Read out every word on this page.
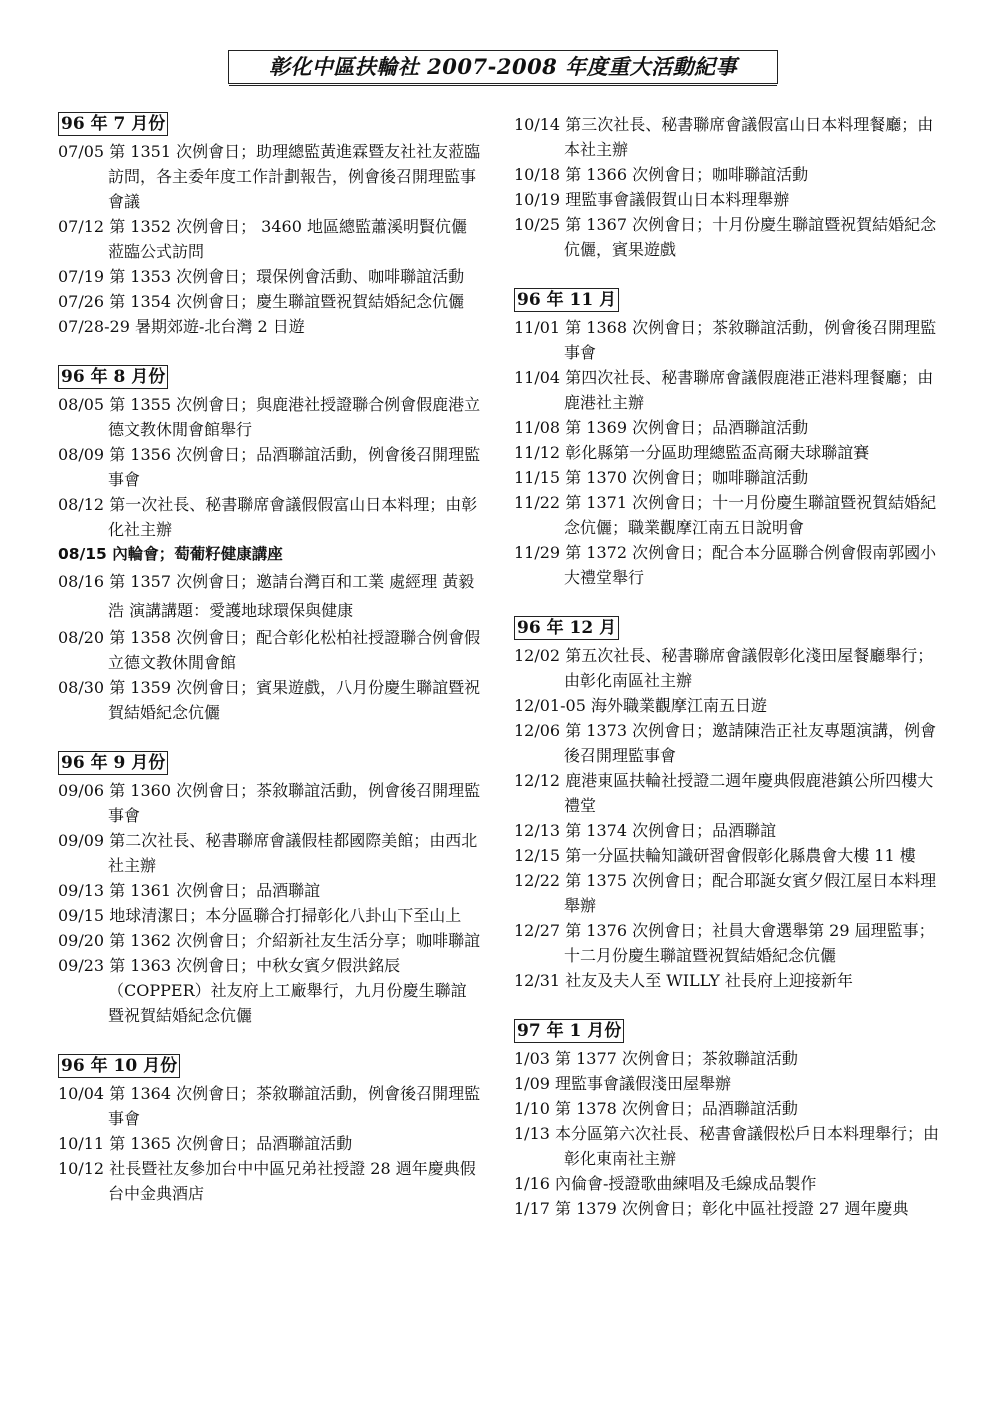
彰化中區扶輪社 2007-2008 年度重大活動紀事
96 年 7 月份

07/05 第 1351 次例會日；助理總監黃進霖暨友社社友蒞臨訪問，各主委年度工作計劃報告，例會後召開理監事會議

07/12 第 1352 次例會日； 3460 地區總監蕭溪明賢伉儷蒞臨公式訪問

07/19 第 1353 次例會日；環保例會活動、咖啡聯誼活動

07/26 第 1354 次例會日；慶生聯誼暨祝賀結婚紀念伉儷

07/28-29 暑期郊遊-北台灣 2 日遊

96 年 8 月份

08/05 第 1355 次例會日；與鹿港社授證聯合例會假鹿港立德文教休閒會館舉行

08/09 第 1356 次例會日；品酒聯誼活動，例會後召開理監事會

08/12 第一次社長、秘書聯席會議假假富山日本料理；由彰化社主辦

08/15 內輪會；萄葡籽健康講座

08/16 第 1357 次例會日；邀請台灣百和工業 處經理 黃毅浩 演講講題：愛護地球環保與健康

08/20 第 1358 次例會日；配合彰化松柏社授證聯合例會假立德文教休閒會館

08/30 第 1359 次例會日；賓果遊戲，八月份慶生聯誼暨祝賀結婚紀念伉儷

96 年 9 月份

09/06 第 1360 次例會日；茶敘聯誼活動，例會後召開理監事會

09/09 第二次社長、秘書聯席會議假桂都國際美館；由西北社主辦

09/13 第 1361 次例會日；品酒聯誼

09/15 地球清潔日；本分區聯合打掃彰化八卦山下至山上

09/20 第 1362 次例會日；介紹新社友生活分享；咖啡聯誼

09/23 第 1363 次例會日；中秋女賓夕假洪銘辰（COPPER）社友府上工廠舉行，九月份慶生聯誼暨祝賀結婚紀念伉儷

96 年 10 月份

10/04 第 1364 次例會日；茶敘聯誼活動，例會後召開理監事會

10/11 第 1365 次例會日；品酒聯誼活動

10/12 社長暨社友參加台中中區兄弟社授證 28 週年慶典假台中金典酒店

10/14 第三次社長、秘書聯席會議假富山日本料理餐廳；由本社主辦

10/18 第 1366 次例會日；咖啡聯誼活動

10/19 理監事會議假賀山日本料理舉辦

10/25 第 1367 次例會日；十月份慶生聯誼暨祝賀結婚紀念伉儷，賓果遊戲

96 年 11 月

11/01 第 1368 次例會日；茶敘聯誼活動，例會後召開理監事會

11/04 第四次社長、秘書聯席會議假鹿港正港料理餐廳；由鹿港社主辦

11/08 第 1369 次例會日；品酒聯誼活動

11/12 彰化縣第一分區助理總監盃高爾夫球聯誼賽

11/15 第 1370 次例會日；咖啡聯誼活動

11/22 第 1371 次例會日；十一月份慶生聯誼暨祝賀結婚紀念伉儷；職業觀摩江南五日說明會

11/29 第 1372 次例會日；配合本分區聯合例會假南郭國小大禮堂舉行

96 年 12 月

12/02 第五次社長、秘書聯席會議假彰化淺田屋餐廳舉行；由彰化南區社主辦

12/01-05 海外職業觀摩江南五日遊

12/06 第 1373 次例會日；邀請陳浩正社友專題演講，例會後召開理監事會

12/12 鹿港東區扶輪社授證二週年慶典假鹿港鎮公所四樓大禮堂

12/13 第 1374 次例會日；品酒聯誼

12/15 第一分區扶輪知識研習會假彰化縣農會大樓 11 樓

12/22 第 1375 次例會日；配合耶誕女賓夕假江屋日本料理舉辦

12/27 第 1376 次例會日；社員大會選舉第 29 屆理監事；十二月份慶生聯誼暨祝賀結婚紀念伉儷

12/31 社友及夫人至 WILLY 社長府上迎接新年

97 年 1 月份

1/03 第 1377 次例會日；茶敘聯誼活動

1/09 理監事會議假淺田屋舉辦

1/10 第 1378 次例會日；品酒聯誼活動

1/13 本分區第六次社長、秘書會議假松戶日本料理舉行；由彰化東南社主辦

1/16 內倫會-授證歌曲練唱及毛線成品製作

1/17 第 1379 次例會日；彰化中區社授證 27 週年慶典
